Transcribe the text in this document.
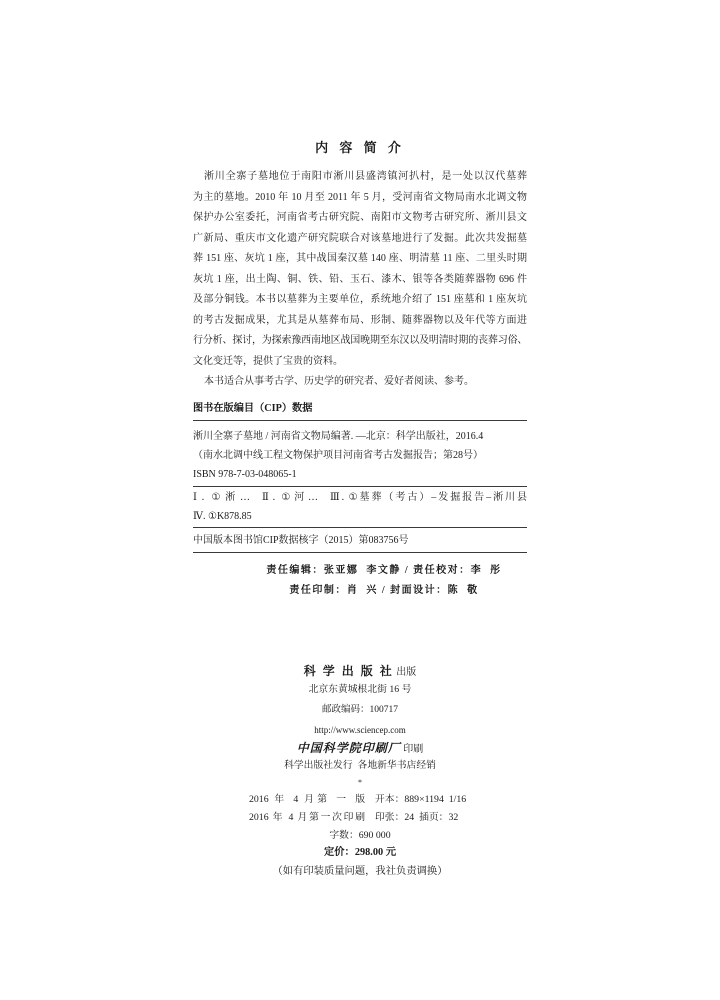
内 容 简 介
淅川全寨子墓地位于南阳市淅川县盛湾镇河扒村，是一处以汉代墓葬
为主的墓地。2010 年 10 月至 2011 年 5 月，受河南省文物局南水北调文物
保护办公室委托，河南省考古研究院、南阳市文物考古研究所、淅川县文
广新局、重庆市文化遗产研究院联合对该墓地进行了发掘。此次共发掘墓
葬 151 座、灰坑 1 座，其中战国秦汉墓 140 座、明清墓 11 座、二里头时期
灰坑 1 座，出土陶、铜、铁、铅、玉石、漆木、银等各类随葬器物 696 件
及部分铜钱。本书以墓葬为主要单位，系统地介绍了 151 座墓和 1 座灰坑
的考古发掘成果，尤其是从墓葬布局、形制、随葬器物以及年代等方面进
行分析、探讨，为探索豫西南地区战国晚期至东汉以及明清时期的丧葬习俗、
文化变迁等，提供了宝贵的资料。
本书适合从事考古学、历史学的研究者、爱好者阅读、参考。
图书在版编目（CIP）数据
淅川全寨子墓地 / 河南省文物局编著. —北京：科学出版社，2016.4
（南水北调中线工程文物保护项目河南省考古发掘报告；第28号）
ISBN 978-7-03-048065-1
Ⅰ. ①淅… Ⅱ. ①河… Ⅲ. ①墓葬（考古）–发掘报告–淅川县
Ⅳ. ①K878.85
中国版本图书馆CIP数据核字（2015）第083756号
责任编辑：张亚娜  李文静 / 责任校对：李  彤
责任印制：肖  兴 / 封面设计：陈  敬
科 学 出 版 社 出版
北京东黄城根北街 16 号
邮政编码：100717
http://www.sciencep.com
中国科学院印刷厂 印刷
科学出版社发行  各地新华书店经销
*
2016 年 4 月第 一 版 开本：889×1194  1/16
2016 年 4 月第一次印刷 印张：24  插页：32
字数：690 000
定价：298.00 元
（如有印装质量问题，我社负责调换）
